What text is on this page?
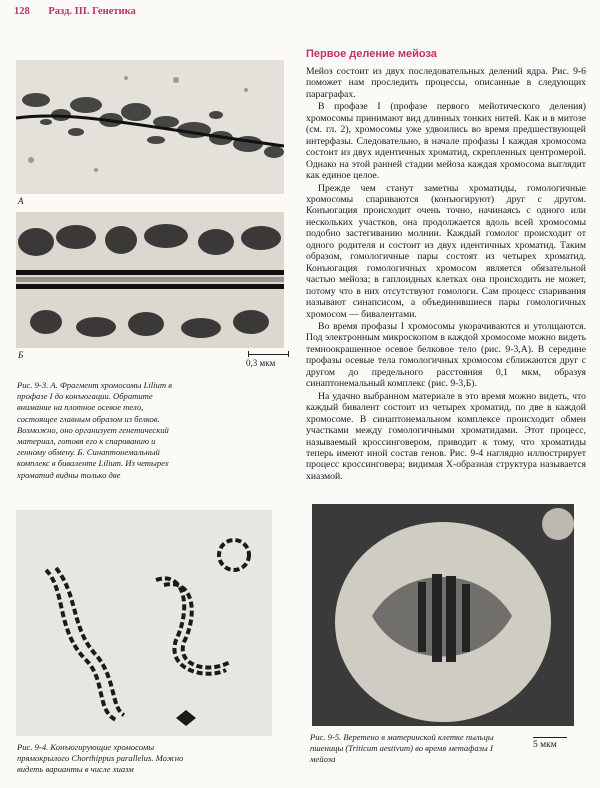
128 Разд. III. Генетика
А
Б
0,3 мкм
Рис. 9-3. А. Фрагмент хромосомы Lilium в профазе I до конъюгации. Обратите внимание на плотное осевое тело, состоящее главным образом из белков. Возможно, оно организует генетический материал, готовя его к спариванию и генному обмену. Б. Синаптонемальный комплекс в биваленте Lilium. Из четырех хроматид видны только две
Рис. 9-4. Конъюгирующие хромосомы прямокрылого Chorthippus parallelus. Можно видеть варианты в числе хиазм
Рис. 9-5. Веретено в материнской клетке пыльцы пшеницы (Triticum aestivum) во время метафазы I мейоза
5 мкм
Первое деление мейоза

Мейоз состоит из двух последовательных делений ядра. Рис. 9-6 поможет нам проследить процессы, описанные в следующих параграфах.

В профазе I (профазе первого мейотического деления) хромосомы принимают вид длинных тонких нитей. Как и в митозе (см. гл. 2), хромосомы уже удвоились во время предшествующей интерфазы. Следовательно, в начале профазы I каждая хромосома состоит из двух идентичных хроматид, скрепленных центромерой. Однако на этой ранней стадии мейоза каждая хромосома выглядит как единое целое.

Прежде чем станут заметны хроматиды, гомологичные хромосомы спариваются (конъюгируют) друг с другом. Конъюгация происходит очень точно, начинаясь с одного или нескольких участков, она продолжается вдоль всей хромосомы подобно застегиванию молнии. Каждый гомолог происходит от одного родителя и состоит из двух идентичных хроматид. Таким образом, гомологичные пары состоят из четырех хроматид. Конъюгация гомологичных хромосом является обязательной частью мейоза; в гаплоидных клетках она происходить не может, потому что в них отсутствуют гомологи. Сам процесс спаривания называют синапсисом, а объединившиеся пары гомологичных хромосом — бивалентами.

Во время профазы I хромосомы укорачиваются и утолщаются. Под электронным микроскопом в каждой хромосоме можно видеть темноокрашенное осевое белковое тело (рис. 9-3,А). В середине профазы осевые тела гомологичных хромосом сближаются друг с другом до предельного расстояния 0,1 мкм, образуя синаптонемальный комплекс (рис. 9-3,Б).

На удачно выбранном материале в это время можно видеть, что каждый бивалент состоит из четырех хроматид, по две в каждой хромосоме. В синаптонемальном комплексе происходит обмен участками между гомологичными хроматидами. Этот процесс, называемый кроссинговером, приводит к тому, что хроматиды теперь имеют иной состав генов. Рис. 9-4 наглядно иллюстрирует процесс кроссинговера; видимая X-образная структура называется хиазмой.
